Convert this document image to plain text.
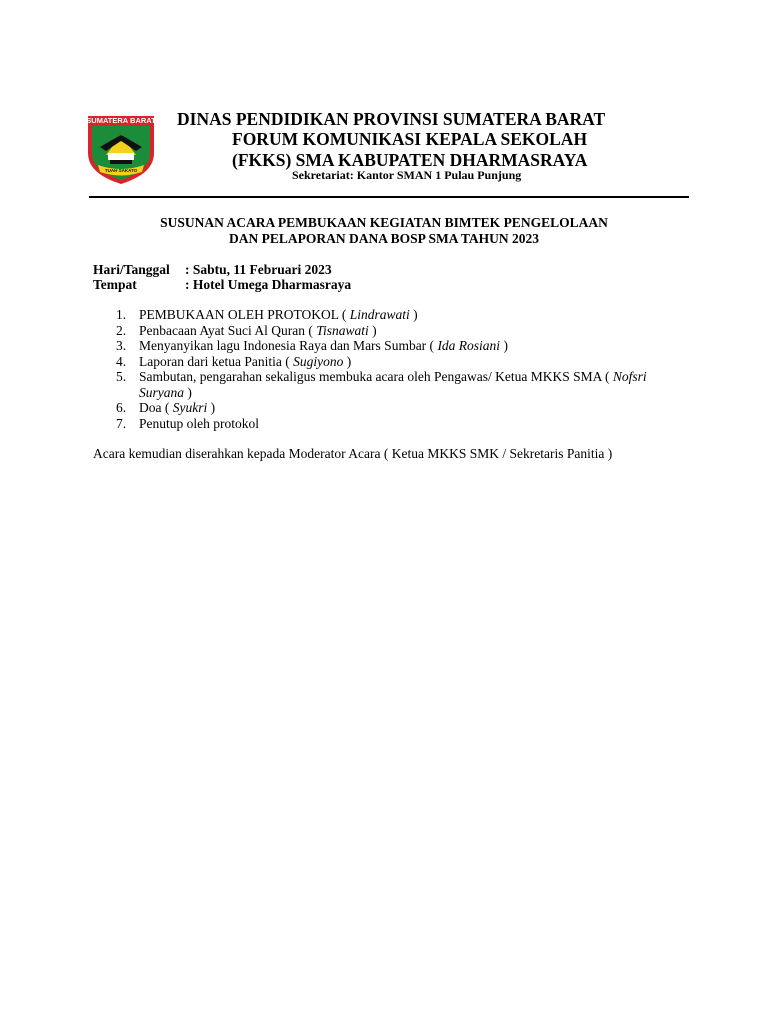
SUMATERA BARAT
TUAH SAKATO
DINAS PENDIDIKAN PROVINSI SUMATERA BARAT
FORUM KOMUNIKASI KEPALA SEKOLAH
(FKKS) SMA KABUPATEN DHARMASRAYA
Sekretariat: Kantor SMAN 1 Pulau Punjung
SUSUNAN ACARA PEMBUKAAN KEGIATAN BIMTEK PENGELOLAAN
DAN PELAPORAN DANA BOSP SMA TAHUN 2023
Hari/Tanggal : Sabtu, 11 Februari 2023
Tempat	: Hotel Umega Dharmasraya
1. PEMBUKAAN OLEH PROTOKOL ( Lindrawati )
2. Penbacaan Ayat Suci Al Quran ( Tisnawati )
3. Menyanyikan lagu Indonesia Raya dan Mars Sumbar ( Ida Rosiani )
4. Laporan dari ketua Panitia ( Sugiyono )
5. Sambutan, pengarahan sekaligus membuka acara oleh Pengawas/ Ketua MKKS SMA ( Nofsri Suryana )
6. Doa ( Syukri )
7. Penutup oleh protokol
Acara kemudian diserahkan kepada Moderator Acara ( Ketua MKKS SMK / Sekretaris Panitia )
